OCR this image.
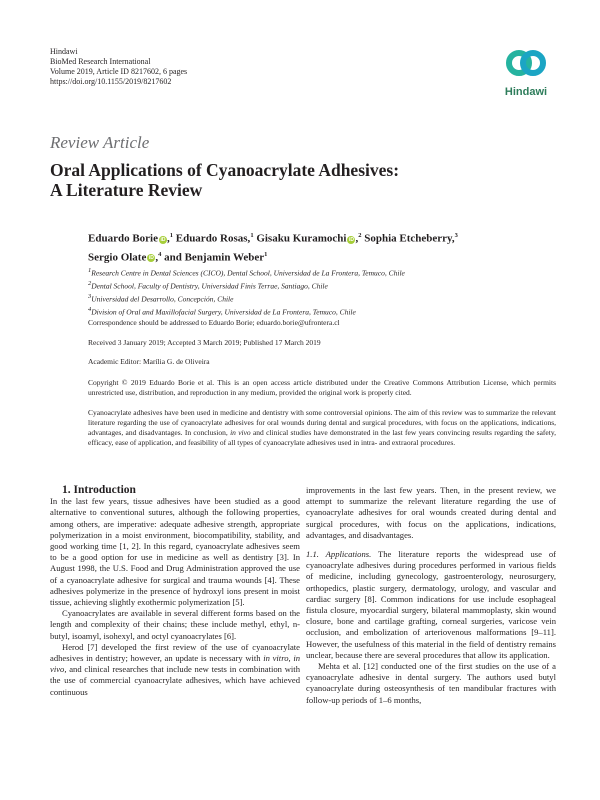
Hindawi
BioMed Research International
Volume 2019, Article ID 8217602, 6 pages
https://doi.org/10.1155/2019/8217602
Hindawi
Review Article
Oral Applications of Cyanoacrylate Adhesives:
A Literature Review
Eduardo Borie iD ,$^1$ Eduardo Rosas,$^1$ Gisaku Kuramochi iD ,$^2$ Sophia Etcheberry,$^3$
Sergio Olate iD ,$^4$ and Benjamin Weber$^1$
$^1$Research Centre in Dental Sciences (CICO), Dental School, Universidad de La Frontera, Temuco, Chile
$^2$Dental School, Faculty of Dentistry, Universidad Finis Terrae, Santiago, Chile
$^3$Universidad del Desarrollo, Concepción, Chile
$^4$Division of Oral and Maxillofacial Surgery, Universidad de La Frontera, Temuco, Chile
Correspondence should be addressed to Eduardo Borie; eduardo.borie@ufrontera.cl
Received 3 January 2019; Accepted 3 March 2019; Published 17 March 2019
Academic Editor: Marília G. de Oliveira
Copyright © 2019 Eduardo Borie et al. This is an open access article distributed under the Creative Commons Attribution License, which permits unrestricted use, distribution, and reproduction in any medium, provided the original work is properly cited.
Cyanoacrylate adhesives have been used in medicine and dentistry with some controversial opinions. The aim of this review was to summarize the relevant literature regarding the use of cyanoacrylate adhesives for oral wounds during dental and surgical procedures, with focus on the applications, indications, advantages, and disadvantages. In conclusion, in vivo and clinical studies have demonstrated in the last few years convincing results regarding the safety, efficacy, ease of application, and feasibility of all types of cyanoacrylate adhesives used in intra- and extraoral procedures.

1. Introduction

In the last few years, tissue adhesives have been studied as a good alternative to conventional sutures, although the following properties, among others, are imperative: adequate adhesive strength, appropriate polymerization in a moist environment, biocompatibility, stability, and good working time [1, 2]. In this regard, cyanoacrylate adhesives seem to be a good option for use in medicine as well as dentistry [3]. In August 1998, the U.S. Food and Drug Administration approved the use of a cyanoacrylate adhesive for surgical and trauma wounds [4]. These adhesives polymerize in the presence of hydroxyl ions present in moist tissue, achieving slightly exothermic polymerization [5].

Cyanoacrylates are available in several different forms based on the length and complexity of their chains; these include methyl, ethyl, n-butyl, isoamyl, isohexyl, and octyl cyanoacrylates [6].

Herod [7] developed the first review of the use of cyanoacrylate adhesives in dentistry; however, an update is necessary with in vitro, in vivo, and clinical researches that include new tests in combination with the use of commercial cyanoacrylate adhesives, which have achieved continuous

improvements in the last few years. Then, in the present review, we attempt to summarize the relevant literature regarding the use of cyanoacrylate adhesives for oral wounds created during dental and surgical procedures, with focus on the applications, indications, advantages, and disadvantages.

1.1. Applications. The literature reports the widespread use of cyanoacrylate adhesives during procedures performed in various fields of medicine, including gynecology, gastroenterology, neurosurgery, orthopedics, plastic surgery, dermatology, urology, and vascular and cardiac surgery [8]. Common indications for use include esophageal fistula closure, myocardial surgery, bilateral mammoplasty, skin wound closure, bone and cartilage grafting, corneal surgeries, varicose vein occlusion, and embolization of arteriovenous malformations [9–11]. However, the usefulness of this material in the field of dentistry remains unclear, because there are several procedures that allow its application.

Mehta et al. [12] conducted one of the first studies on the use of a cyanoacrylate adhesive in dental surgery. The authors used butyl cyanoacrylate during osteosynthesis of ten mandibular fractures with follow-up periods of 1–6 months,
